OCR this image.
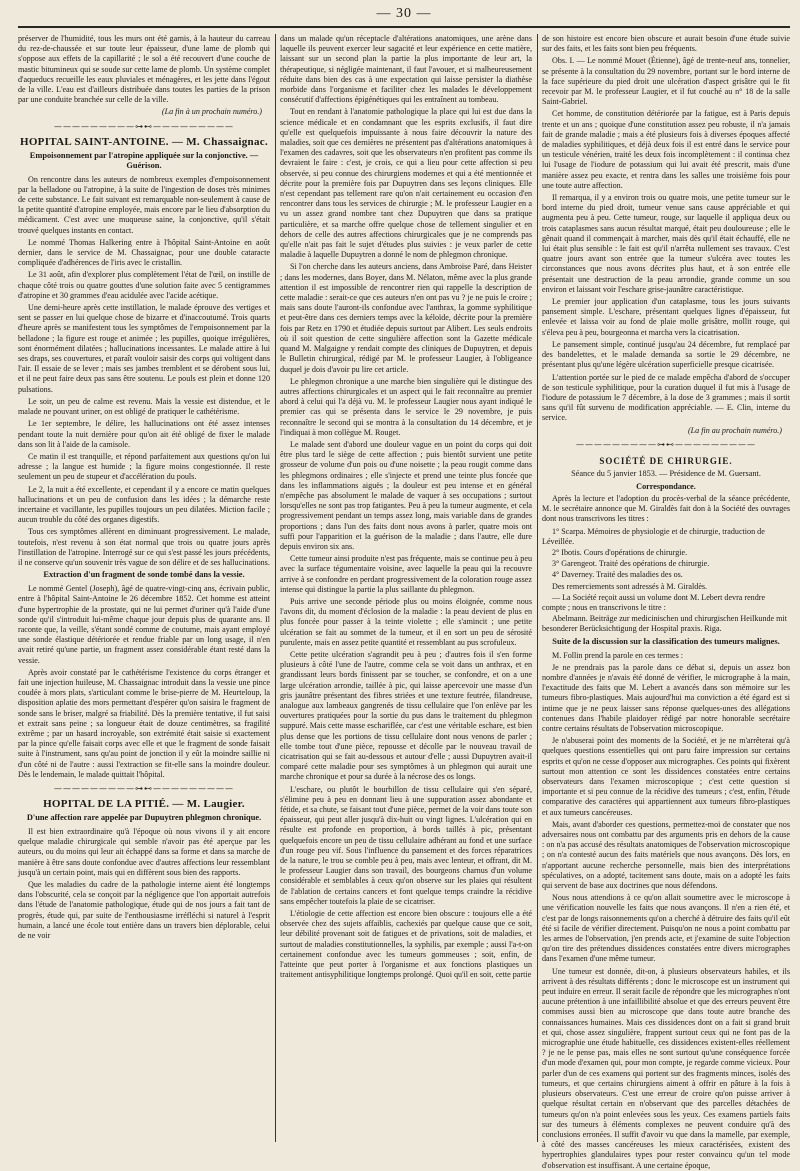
— 30 —

préserver de l'humidité, tous les murs ont été garnis, à la hauteur du carreau du rez-de-chaussée et sur toute leur épaisseur, d'une lame de plomb qui s'oppose aux effets de la capillarité ; le sol a été recouvert d'une couche de mastic bitumineux qui se soude sur cette lame de plomb. Un système complet d'aqueducs recueille les eaux pluviales et ménagères, et les jette dans l'égout de la ville. L'eau est d'ailleurs distribuée dans toutes les parties de la prison par une conduite branchée sur celle de la ville.

(La fin à un prochain numéro.)
—————————⊶⊷—————————
HOPITAL SAINT-ANTOINE. — M. Chassaignac.
Empoisonnement par l'atropine appliquée sur la conjonctive. — Guérison.

On rencontre dans les auteurs de nombreux exemples d'empoisonnement par la belladone ou l'atropine, à la suite de l'ingestion de doses très minimes de cette substance. Le fait suivant est remarquable non-seulement à cause de la petite quantité d'atropine employée, mais encore par le lieu d'absorption du médicament. C'est avec une muqueuse saine, la conjonctive, qu'il s'était trouvé quelques instants en contact.

Le nommé Thomas Halkering entre à l'hôpital Saint-Antoine en août dernier, dans le service de M. Chassaignac, pour une double cataracte compliquée d'adhérences de l'iris avec le cristallin.

Le 31 août, afin d'explorer plus complètement l'état de l'œil, on instille de chaque côté trois ou quatre gouttes d'une solution faite avec 5 centigrammes d'atropine et 30 grammes d'eau acidulée avec l'acide acétique.

Une demi-heure après cette instillation, le malade éprouve des vertiges et sent se passer en lui quelque chose de bizarre et d'inaccoutumé. Trois quarts d'heure après se manifestent tous les symptômes de l'empoisonnement par la belladone ; la figure est rouge et animée ; les pupilles, quoique irrégulières, sont énormément dilatées ; hallucinations incessantes. Le malade attire à lui ses draps, ses couvertures, et paraît vouloir saisir des corps qui voltigent dans l'air. Il essaie de se lever ; mais ses jambes tremblent et se dérobent sous lui, et il ne peut faire deux pas sans être soutenu. Le pouls est plein et donne 120 pulsations.

Le soir, un peu de calme est revenu. Mais la vessie est distendue, et le malade ne pouvant uriner, on est obligé de pratiquer le cathétérisme.

Le 1er septembre, le délire, les hallucinations ont été assez intenses pendant toute la nuit dernière pour qu'on ait été obligé de fixer le malade dans son lit à l'aide de la camisole.

Ce matin il est tranquille, et répond parfaitement aux questions qu'on lui adresse ; la langue est humide ; la figure moins congestionnée. Il reste seulement un peu de stupeur et d'accélération du pouls.

Le 2, la nuit a été excellente, et cependant il y a encore ce matin quelques hallucinations et un peu de confusion dans les idées ; la démarche reste incertaine et vacillante, les pupilles toujours un peu dilatées. Miction facile ; aucun trouble du côté des organes digestifs.

Tous ces symptômes allèrent en diminuant progressivement. Le malade, toutefois, n'est revenu à son état normal que trois ou quatre jours après l'instillation de l'atropine. Interrogé sur ce qui s'est passé les jours précédents, il ne conserve qu'un souvenir très vague de son délire et de ses hallucinations.

Extraction d'un fragment de sonde tombé dans la vessie.

Le nommé Gentel (Joseph), âgé de quatre-vingt-cinq ans, écrivain public, entre à l'hôpital Saint-Antoine le 26 décembre 1852. Cet homme est atteint d'une hypertrophie de la prostate, qui ne lui permet d'uriner qu'à l'aide d'une sonde qu'il s'introduit lui-même chaque jour depuis plus de quarante ans. Il raconte que, la veille, s'étant sondé comme de coutume, mais ayant employé une sonde élastique détériorée et rendue friable par un long usage, il n'en avait retiré qu'une partie, un fragment assez considérable étant resté dans la vessie.

Après avoir constaté par le cathétérisme l'existence du corps étranger et fait une injection huileuse, M. Chassaignac introduit dans la vessie une pince coudée à mors plats, s'articulant comme le brise-pierre de M. Heurteloup, la disposition aplatie des mors permettant d'espérer qu'on saisira le fragment de sonde sans le briser, malgré sa friabilité. Dès la première tentative, il fut saisi et extrait sans peine ; sa longueur était de douze centimètres, sa fragilité extrême ; par un hasard incroyable, son extrémité était saisie si exactement par la pince qu'elle faisait corps avec elle et que le fragment de sonde faisait suite à l'instrument, sans qu'au point de jonction il y eût la moindre saillie ni d'un côté ni de l'autre : aussi l'extraction se fit-elle sans la moindre douleur. Dès le lendemain, le malade quittait l'hôpital.

—————————⊶⊷—————————
HOPITAL DE LA PITIÉ. — M. Laugier.
D'une affection rare appelée par Dupuytren phlegmon chronique.

Il est bien extraordinaire qu'à l'époque où nous vivons il y ait encore quelque maladie chirurgicale qui semble n'avoir pas été aperçue par les auteurs, ou du moins qui leur ait échappé dans sa forme et dans sa marche de manière à être sans doute confondue avec d'autres affections leur ressemblant jusqu'à un certain point, mais qui en diffèrent sous bien des rapports.

Que les maladies du cadre de la pathologie interne aient été longtemps dans l'obscurité, cela se conçoit par la négligence que l'on apportait autrefois dans l'étude de l'anatomie pathologique, étude qui de nos jours a fait tant de progrès, étude qui, par suite de l'enthousiasme irréfléchi si naturel à l'esprit humain, a lancé une école tout entière dans un travers bien déplorable, celui de ne voir

dans un malade qu'un réceptacle d'altérations anatomiques, une arène dans laquelle ils peuvent exercer leur sagacité et leur expérience en cette matière, laissant sur un second plan la partie la plus importante de leur art, la thérapeutique, si négligée maintenant, il faut l'avouer, et si malheureusement réduite dans bien des cas à une expectation qui laisse persister la diathèse morbide dans l'organisme et faciliter chez les malades le développement consécutif d'affections épigénétiques qui les entraînent au tombeau.

Tout en rendant à l'anatomie pathologique la place qui lui est due dans la science médicale et en condamnant que les esprits exclusifs, il faut dire qu'elle est quelquefois impuissante à nous faire découvrir la nature des maladies, soit que ces dernières ne présentent pas d'altérations anatomiques à l'examen des cadavres, soit que les observateurs n'en profitent pas comme ils devraient le faire : c'est, je crois, ce qui a lieu pour cette affection si peu observée, si peu connue des chirurgiens modernes et qui a été mentionnée et décrite pour la première fois par Dupuytren dans ses leçons cliniques. Elle n'est cependant pas tellement rare qu'on n'ait certainement eu occasion d'en rencontrer dans tous les services de chirurgie ; M. le professeur Laugier en a vu un assez grand nombre tant chez Dupuytren que dans sa pratique particulière, et sa marche offre quelque chose de tellement singulier et en dehors de celle des autres affections chirurgicales que je ne comprends pas qu'elle n'ait pas fait le sujet d'études plus suivies : je veux parler de cette maladie à laquelle Dupuytren a donné le nom de phlegmon chronique.

Si l'on cherche dans les auteurs anciens, dans Ambroise Paré, dans Heister ; dans les modernes, dans Boyer, dans M. Nélaton, même avec la plus grande attention il est impossible de rencontrer rien qui rappelle la description de cette maladie : serait-ce que ces auteurs n'en ont pas vu ? je ne puis le croire ; mais sans doute l'auront-ils confondue avec l'anthrax, la gomme syphilitique et peut-être dans ces derniers temps avec la kéloïde, décrite pour la première fois par Retz en 1790 et étudiée depuis surtout par Alibert. Les seuls endroits où il soit question de cette singulière affection sont la Gazette médicale quand M. Malgaigne y rendait compte des cliniques de Dupuytren, et depuis le Bulletin chirurgical, rédigé par M. le professeur Laugier, à l'obligeance duquel je dois d'avoir pu lire cet article.

Le phlegmon chronique a une marche bien singulière qui le distingue des autres affections chirurgicales et un aspect qui le fait reconnaître au premier abord à celui qui l'a déjà vu. M. le professeur Laugier nous ayant indiqué le premier cas qui se présenta dans le service le 29 novembre, je puis reconnaître le second qui se montra à la consultation du 14 décembre, et je l'indiquai à mon collègue M. Rouget.

Le malade sent d'abord une douleur vague en un point du corps qui doit être plus tard le siège de cette affection ; puis bientôt survient une petite grosseur de volume d'un pois ou d'une noisette ; la peau rougit comme dans les phlegmons ordinaires ; elle s'injecte et prend une teinte plus foncée que dans les inflammations aiguës ; la douleur est peu intense et en général n'empêche pas absolument le malade de vaquer à ses occupations ; surtout lorsqu'elles ne sont pas trop fatigantes. Peu à peu la tumeur augmente, et cela progressivement pendant un temps assez long, mais variable dans de grandes proportions ; dans l'un des faits dont nous avons à parler, quatre mois ont suffi pour l'apparition et la guérison de la maladie ; dans l'autre, elle dure depuis environ six ans.

Cette tumeur ainsi produite n'est pas fréquente, mais se continue peu à peu avec la surface tégumentaire voisine, avec laquelle la peau qui la recouvre arrive à se confondre en perdant progressivement de la coloration rouge assez intense qui distingue la partie la plus saillante du phlegmon.

Puis arrive une seconde période plus ou moins éloignée, comme nous l'avons dit, du moment d'éclosion de la maladie : la peau devient de plus en plus foncée pour passer à la teinte violette ; elle s'amincit ; une petite ulcération se fait au sommet de la tumeur, et il en sort un peu de sérosité purulente, mais en assez petite quantité et ressemblant au pus scrofuleux.

Cette petite ulcération s'agrandit peu à peu ; d'autres fois il s'en forme plusieurs à côté l'une de l'autre, comme cela se voit dans un anthrax, et en grandissant leurs bords finissent par se toucher, se confondre, et on a une large ulcération arrondie, taillée à pic, qui laisse apercevoir une masse d'un gris jaunâtre présentant des fibres striées et une texture feutrée, filandreuse, analogue aux lambeaux gangrenés de tissu cellulaire que l'on enlève par les ouvertures pratiquées pour la sortie du pus dans le traitement du phlegmon suppuré. Mais cette masse eschariflée, car c'est une véritable eschare, est bien plus dense que les portions de tissu cellulaire dont nous venons de parler ; elle tombe tout d'une pièce, repousse et décolle par le nouveau travail de cicatrisation qui se fait au-dessous et autour d'elle ; aussi Dupuytren avait-il comparé cette maladie pour ses symptômes à un phlegmon qui aurait une marche chronique et pour sa durée à la nécrose des os longs.

L'eschare, ou plutôt le bourbillon de tissu cellulaire qui s'en séparé, s'élimine peu à peu en donnant lieu à une suppuration assez abondante et fétide, et sa chute, se faisant tout d'une pièce, permet de la voir dans toute son épaisseur, qui peut aller jusqu'à dix-huit ou vingt lignes. L'ulcération qui en résulte est profonde en proportion, à bords taillés à pic, présentant quelquefois encore un peu de tissu cellulaire adhérant au fond et une surface d'un rouge peu vif. Sous l'influence du pansement et des forces réparatrices de la nature, le trou se comble peu à peu, mais avec lenteur, et offrant, dit M. le professeur Laugier dans son travail, des bourgeons charnus d'un volume considérable et semblables à ceux qu'on observe sur les plaies qui résultent de l'ablation de certains cancers et font quelque temps craindre la récidive sans empêcher toutefois la plaie de se cicatriser.

L'étiologie de cette affection est encore bien obscure : toujours elle a été observée chez des sujets affaiblis, cachexiés par quelque cause que ce soit, leur débilité provenant soit de fatigues et de privations, soit de maladies, et surtout de maladies constitutionnelles, la syphilis, par exemple ; aussi l'a-t-on certainement confondue avec les tumeurs gommeuses ; soit, enfin, de l'atteinte que peut porter à l'organisme et aux fonctions plastiques un traitement antisyphilitique longtemps prolongé. Quoi qu'il en soit, cette partie

de son histoire est encore bien obscure et aurait besoin d'une étude suivie sur des faits, et les faits sont bien peu fréquents.

Obs. I. — Le nommé Mouet (Étienne), âgé de trente-neuf ans, tonnelier, se présente à la consultation du 29 novembre, portant sur le bord interne de la face supérieure du pied droit une ulcération d'aspect grisâtre qui le fit recevoir par M. le professeur Laugier, et il fut couché au n° 18 de la salle Saint-Gabriel.

Cet homme, de constitution détériorée par la fatigue, est à Paris depuis trente et un ans ; quoique d'une constitution assez peu robuste, il n'a jamais fait de grande maladie ; mais a été plusieurs fois à diverses époques affecté de maladies syphilitiques, et déjà deux fois il est entré dans le service pour un testicule vénérien, traité les deux fois incomplètement : il continua chez lui l'usage de l'iodure de potassium qui lui avait été prescrit, mais d'une manière assez peu exacte, et rentra dans les salles une troisième fois pour une toute autre affection.

Il remarqua, il y a environ trois ou quatre mois, une petite tumeur sur le bord interne du pied droit, tumeur venue sans cause appréciable et qui augmenta peu à peu. Cette tumeur, rouge, sur laquelle il appliqua deux ou trois cataplasmes sans aucun résultat marqué, était peu douloureuse ; elle le gênait quand il commençait à marcher, mais dès qu'il était échauffé, elle ne lui était plus sensible : le fait est qu'il n'arrêta nullement ses travaux. C'est quatre jours avant son entrée que la tumeur s'ulcéra avec toutes les circonstances que nous avons décrites plus haut, et à son entrée elle présentait une destruction de la peau arrondie, grande comme un sou environ et laissant voir l'eschare grise-jaunâtre caractéristique.

Le premier jour application d'un cataplasme, tous les jours suivants pansement simple. L'eschare, présentant quelques lignes d'épaisseur, fut enlevée et laissa voir au fond de plaie molle grisâtre, mollit rouge, qui s'éleva peu à peu, bourgeonna et marcha vers la cicatrisation.

Le pansement simple, continué jusqu'au 24 décembre, fut remplacé par des bandelettes, et le malade demanda sa sortie le 29 décembre, ne présentant plus qu'une légère ulcération superficielle presque cicatrisée.

L'attention portée sur le pied de ce malade empêcha d'abord de s'occuper de son testicule syphilitique, pour la curation duquel il fut mis à l'usage de l'iodure de potassium le 7 décembre, à la dose de 3 grammes ; mais il sortit sans qu'il fût survenu de modification appréciable. — E. Clin, interne du service.

(La fin au prochain numéro.)
—————————⊶⊷—————————
SOCIÉTÉ DE CHIRURGIE.
Séance du 5 janvier 1853. — Présidence de M. Guersant.
Correspondance.

Après la lecture et l'adoption du procès-verbal de la séance précédente, M. le secrétaire annonce que M. Giraldès fait don à la Société des ouvrages dont nous transcrivons les titres :

1° Scarpa. Mémoires de physiologie et de chirurgie, traduction de Léveillée.
2° Ibotis. Cours d'opérations de chirurgie.
3° Garengeot. Traité des opérations de chirurgie.
4° Daverney. Traité des maladies des os.
Des remerciements sont adressés à M. Giraldès.
— La Société reçoit aussi un volume dont M. Lebert devra rendre compte ; nous en transcrivons le titre :
Abelmann. Beiträge zur medicinischen und chirurgischen Heilkunde mit besonderer Berücksichtigung der Hospital praxis. Riga.
Suite de la discussion sur la classification des tumeurs malignes.

M. Follin prend la parole en ces termes :

Je ne prendrais pas la parole dans ce débat si, depuis un assez bon nombre d'années je n'avais été donné de vérifier, le micrographe à la main, l'exactitude des faits que M. Lebert a avancés dans son mémoire sur les tumeurs fibro-plastiques. Mais aujourd'hui ma conviction a été égard est si intime que je ne peux laisser sans réponse quelques-unes des allégations contenues dans l'habile plaidoyer rédigé par notre honorable secrétaire contre certains résultats de l'observation microscopique.

Je n'abuserai point des moments de la Société, et je ne m'arrêterai qu'à quelques questions essentielles qui ont paru faire impression sur certains esprits et qu'on ne cesse d'opposer aux micrographes. Ces points qui fixèrent surtout mon attention ce sont les dissidences constatées entre certains observateurs dans l'examen microscopique ; c'est cette question si importante et si peu connue de la récidive des tumeurs ; c'est, enfin, l'étude comparative des caractères qui appartiennent aux tumeurs fibro-plastiques et aux tumeurs cancéreuses.

Mais, avant d'aborder ces questions, permettez-moi de constater que nos adversaires nous ont combattu par des arguments pris en dehors de la cause : on n'a pas accusé des résultats anatomiques de l'observation microscopique ; on n'a contesté aucun des faits matériels que nous avançons. Dès lors, en n'apportant aucune recherche personnelle, mais bien des interprétations spéculatives, on a adopté, tacitement sans doute, mais on a adopté les faits qui servent de base aux doctrines que nous défendons.

Nous nous attendions à ce qu'on allait soumettre avec le microscope à une vérification nouvelle les faits que nous avançons. Il n'en a rien été, et c'est par de longs raisonnements qu'on a cherché à détruire des faits qu'il eût été si facile de vérifier directement. Puisqu'on ne nous a point combattu par les armes de l'observation, j'en prends acte, et j'examine de suite l'objection qu'on tire des prétendues dissidences constatées entre divers micrographes dans l'examen d'une même tumeur.

Une tumeur est donnée, dit-on, à plusieurs observateurs habiles, et ils arrivent à des résultats différents ; donc le microscope est un instrument qui peut induire en erreur. Il serait facile de répondre que les micrographes n'ont aucune prétention à une infaillibilité absolue et que des erreurs peuvent être commises aussi bien au microscope que dans toute autre branche des connaissances humaines. Mais ces dissidences dont on a fait si grand bruit et qui, chose assez singulière, frappent surtout ceux qui ne font pas de la micrographie une étude habituelle, ces dissidences existent-elles réellement ? je ne le pense pas, mais elles ne sont surtout qu'une conséquence forcée d'un mode d'examen qui, pour mon compte, je regarde comme vicieux. Pour parler d'un de ces examens qui portent sur des fragments minces, isolés des tumeurs, et que certains chirurgiens aiment à offrir en pâture à la fois à plusieurs observateurs. C'est une erreur de croire qu'on puisse arriver à quelque résultat certain en n'observant que des parcelles détachées de tumeurs qu'on n'a point enlevées sous les yeux. Ces examens partiels faits sur des tumeurs à éléments complexes ne peuvent conduire qu'à des conclusions erronées. Il suffit d'avoir vu que dans la mamelle, par exemple, à côté des masses cancéreuses les mieux caractérisées, existent des hypertrophies glandulaires types pour rester convaincu qu'un tel mode d'observation est insuffisant. A une certaine époque,
